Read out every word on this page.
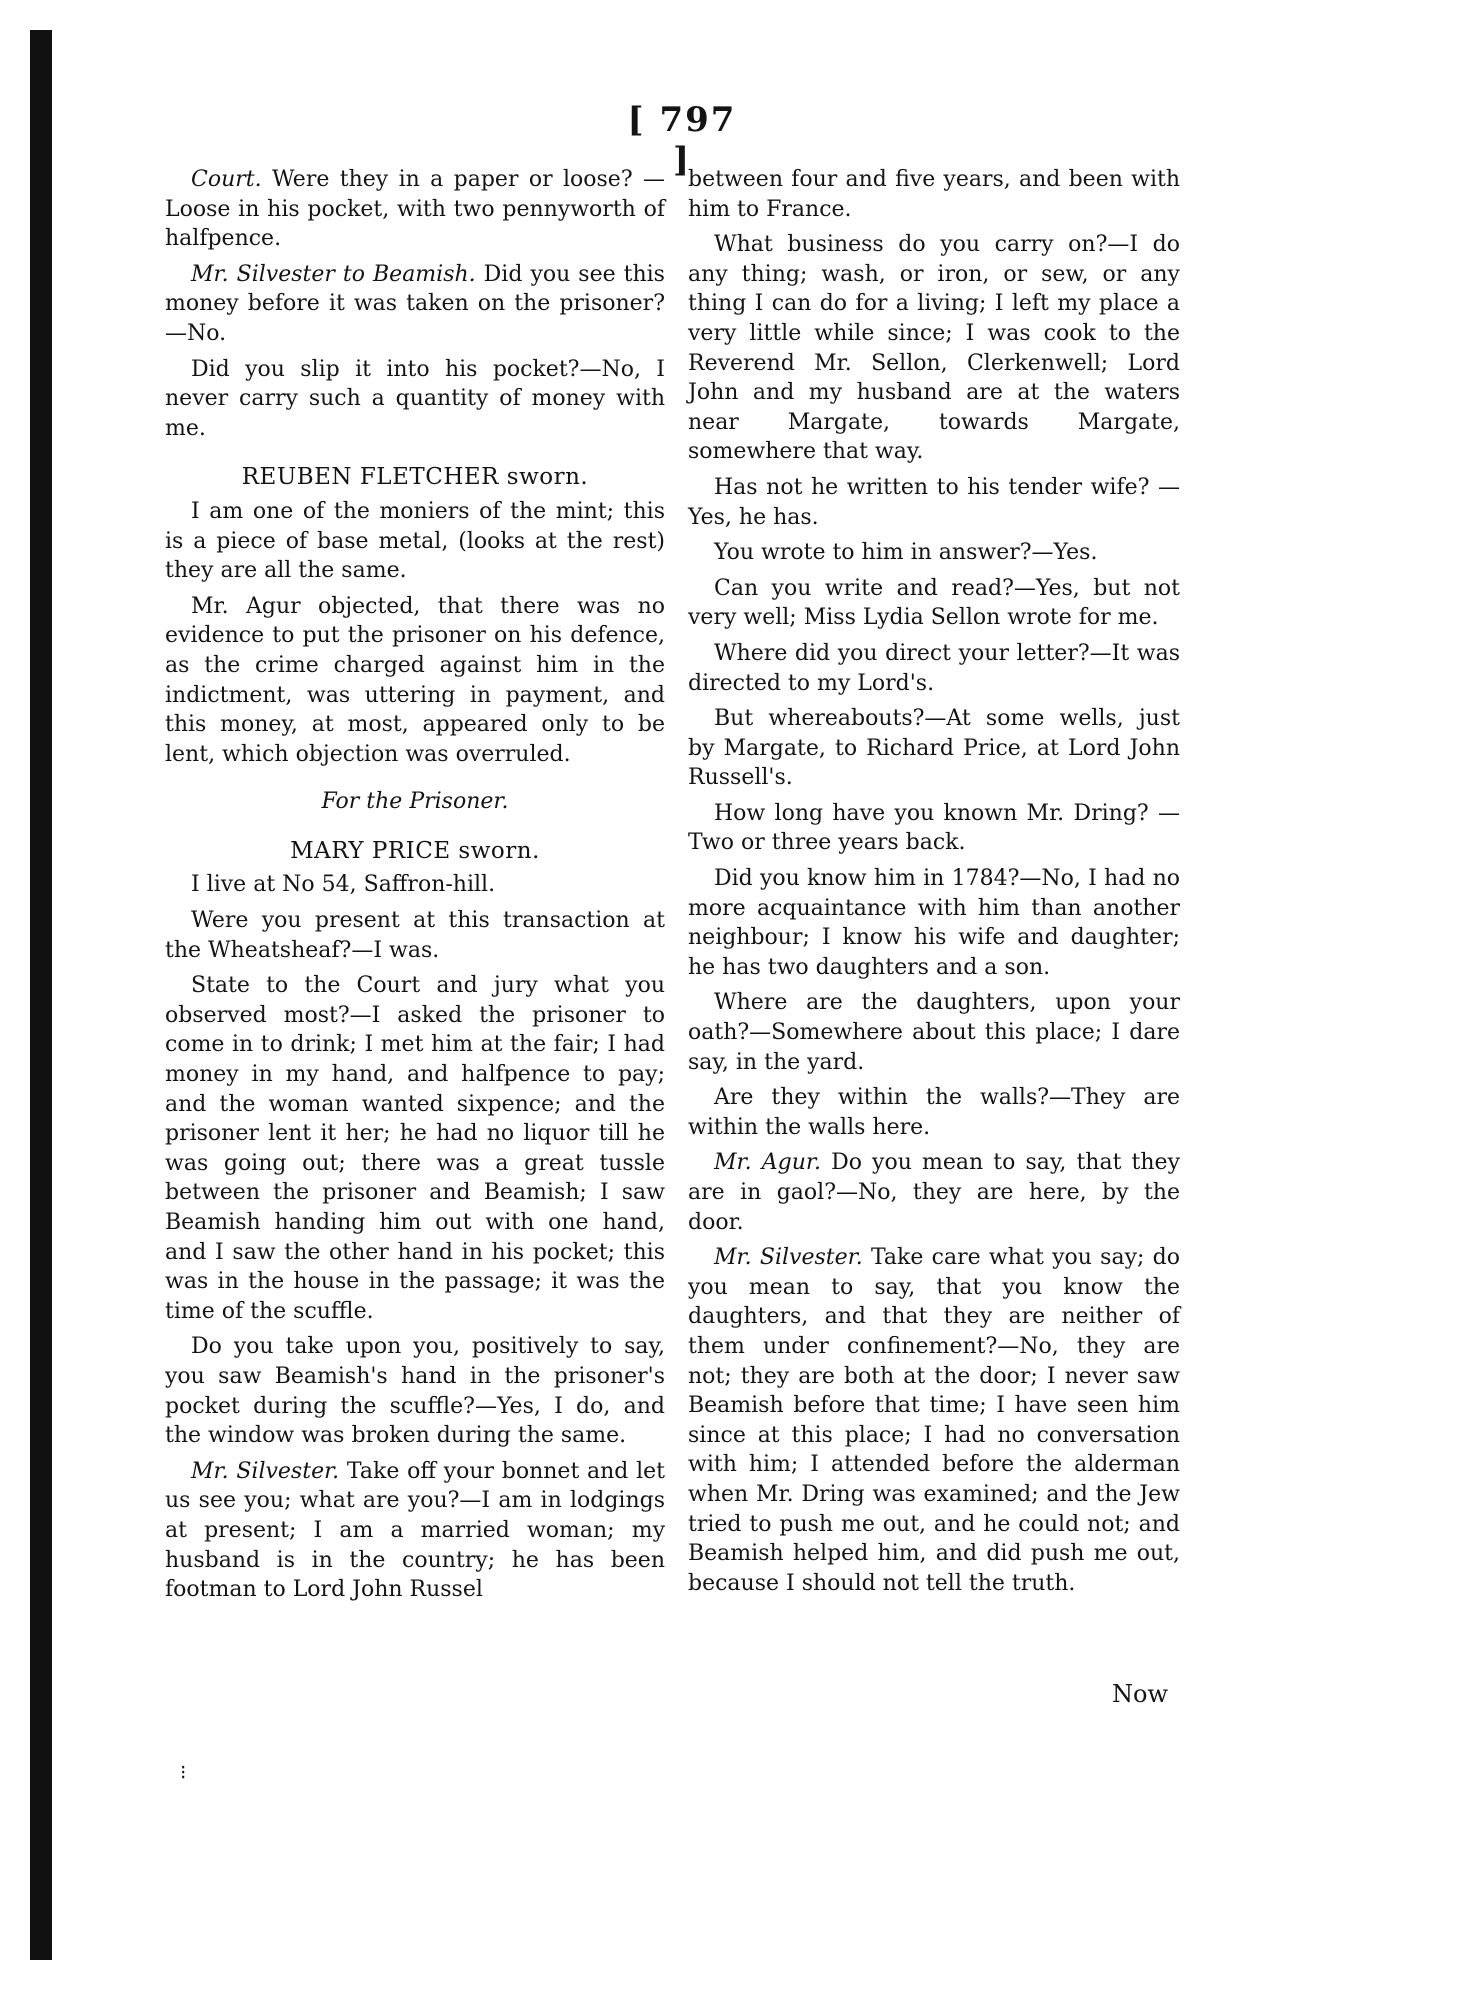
[ 797 ]

Court. Were they in a paper or loose? —Loose in his pocket, with two pennyworth of halfpence.

Mr. Silvester to Beamish. Did you see this money before it was taken on the prisoner?—No.

Did you slip it into his pocket?—No, I never carry such a quantity of money with me.

REUBEN FLETCHER sworn.

I am one of the moniers of the mint; this is a piece of base metal, (looks at the rest) they are all the same.

Mr. Agur objected, that there was no evidence to put the prisoner on his defence, as the crime charged against him in the indictment, was uttering in payment, and this money, at most, appeared only to be lent, which objection was overruled.

For the Prisoner.

MARY PRICE sworn.

I live at No 54, Saffron-hill.

Were you present at this transaction at the Wheatsheaf?—I was.

State to the Court and jury what you observed most?—I asked the prisoner to come in to drink; I met him at the fair; I had money in my hand, and halfpence to pay; and the woman wanted sixpence; and the prisoner lent it her; he had no liquor till he was going out; there was a great tussle between the prisoner and Beamish; I saw Beamish handing him out with one hand, and I saw the other hand in his pocket; this was in the house in the passage; it was the time of the scuffle.

Do you take upon you, positively to say, you saw Beamish's hand in the prisoner's pocket during the scuffle?—Yes, I do, and the window was broken during the same.

Mr. Silvester. Take off your bonnet and let us see you; what are you?—I am in lodgings at present; I am a married woman; my husband is in the country; he has been footman to Lord John Russel

between four and five years, and been with him to France.

What business do you carry on?—I do any thing; wash, or iron, or sew, or any thing I can do for a living; I left my place a very little while since; I was cook to the Reverend Mr. Sellon, Clerkenwell; Lord John and my husband are at the waters near Margate, towards Margate, somewhere that way.

Has not he written to his tender wife? —Yes, he has.

You wrote to him in answer?—Yes.

Can you write and read?—Yes, but not very well; Miss Lydia Sellon wrote for me.

Where did you direct your letter?—It was directed to my Lord's.

But whereabouts?—At some wells, just by Margate, to Richard Price, at Lord John Russell's.

How long have you known Mr. Dring? —Two or three years back.

Did you know him in 1784?—No, I had no more acquaintance with him than another neighbour; I know his wife and daughter; he has two daughters and a son.

Where are the daughters, upon your oath?—Somewhere about this place; I dare say, in the yard.

Are they within the walls?—They are within the walls here.

Mr. Agur. Do you mean to say, that they are in gaol?—No, they are here, by the door.

Mr. Silvester. Take care what you say; do you mean to say, that you know the daughters, and that they are neither of them under confinement?—No, they are not; they are both at the door; I never saw Beamish before that time; I have seen him since at this place; I had no conversation with him; I attended before the alderman when Mr. Dring was examined; and the Jew tried to push me out, and he could not; and Beamish helped him, and did push me out, because I should not tell the truth.

Now
⁝
